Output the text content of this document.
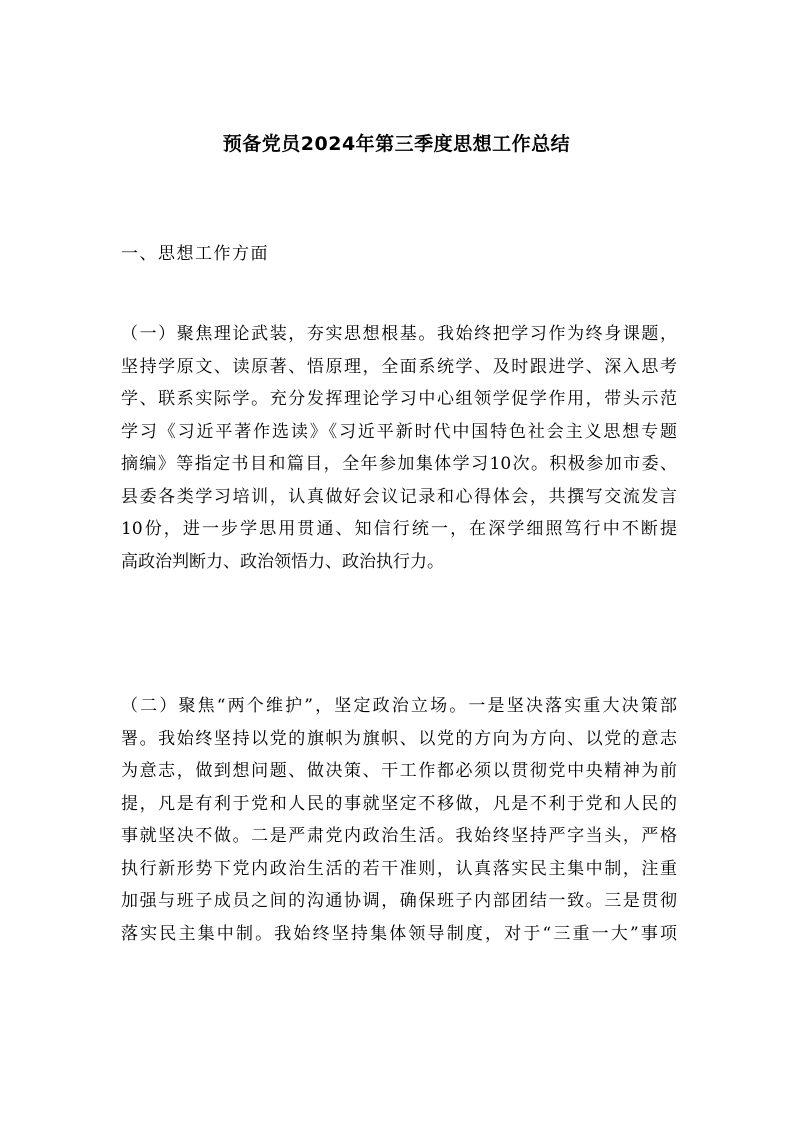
预备党员2024年第三季度思想工作总结
一、思想工作方面
（一）聚焦理论武装，夯实思想根基。我始终把学习作为终身课题，
坚持学原文、读原著、悟原理，全面系统学、及时跟进学、深入思考
学、联系实际学。充分发挥理论学习中心组领学促学作用，带头示范
学习《习近平著作选读》《习近平新时代中国特色社会主义思想专题
摘编》等指定书目和篇目，全年参加集体学习10次。积极参加市委、
县委各类学习培训，认真做好会议记录和心得体会，共撰写交流发言
10份，进一步学思用贯通、知信行统一，在深学细照笃行中不断提
高政治判断力、政治领悟力、政治执行力。
（二）聚焦“两个维护”，坚定政治立场。一是坚决落实重大决策部
署。我始终坚持以党的旗帜为旗帜、以党的方向为方向、以党的意志
为意志，做到想问题、做决策、干工作都必须以贯彻党中央精神为前
提，凡是有利于党和人民的事就坚定不移做，凡是不利于党和人民的
事就坚决不做。二是严肃党内政治生活。我始终坚持严字当头，严格
执行新形势下党内政治生活的若干准则，认真落实民主集中制，注重
加强与班子成员之间的沟通协调，确保班子内部团结一致。三是贯彻
落实民主集中制。我始终坚持集体领导制度，对于“三重一大”事项
